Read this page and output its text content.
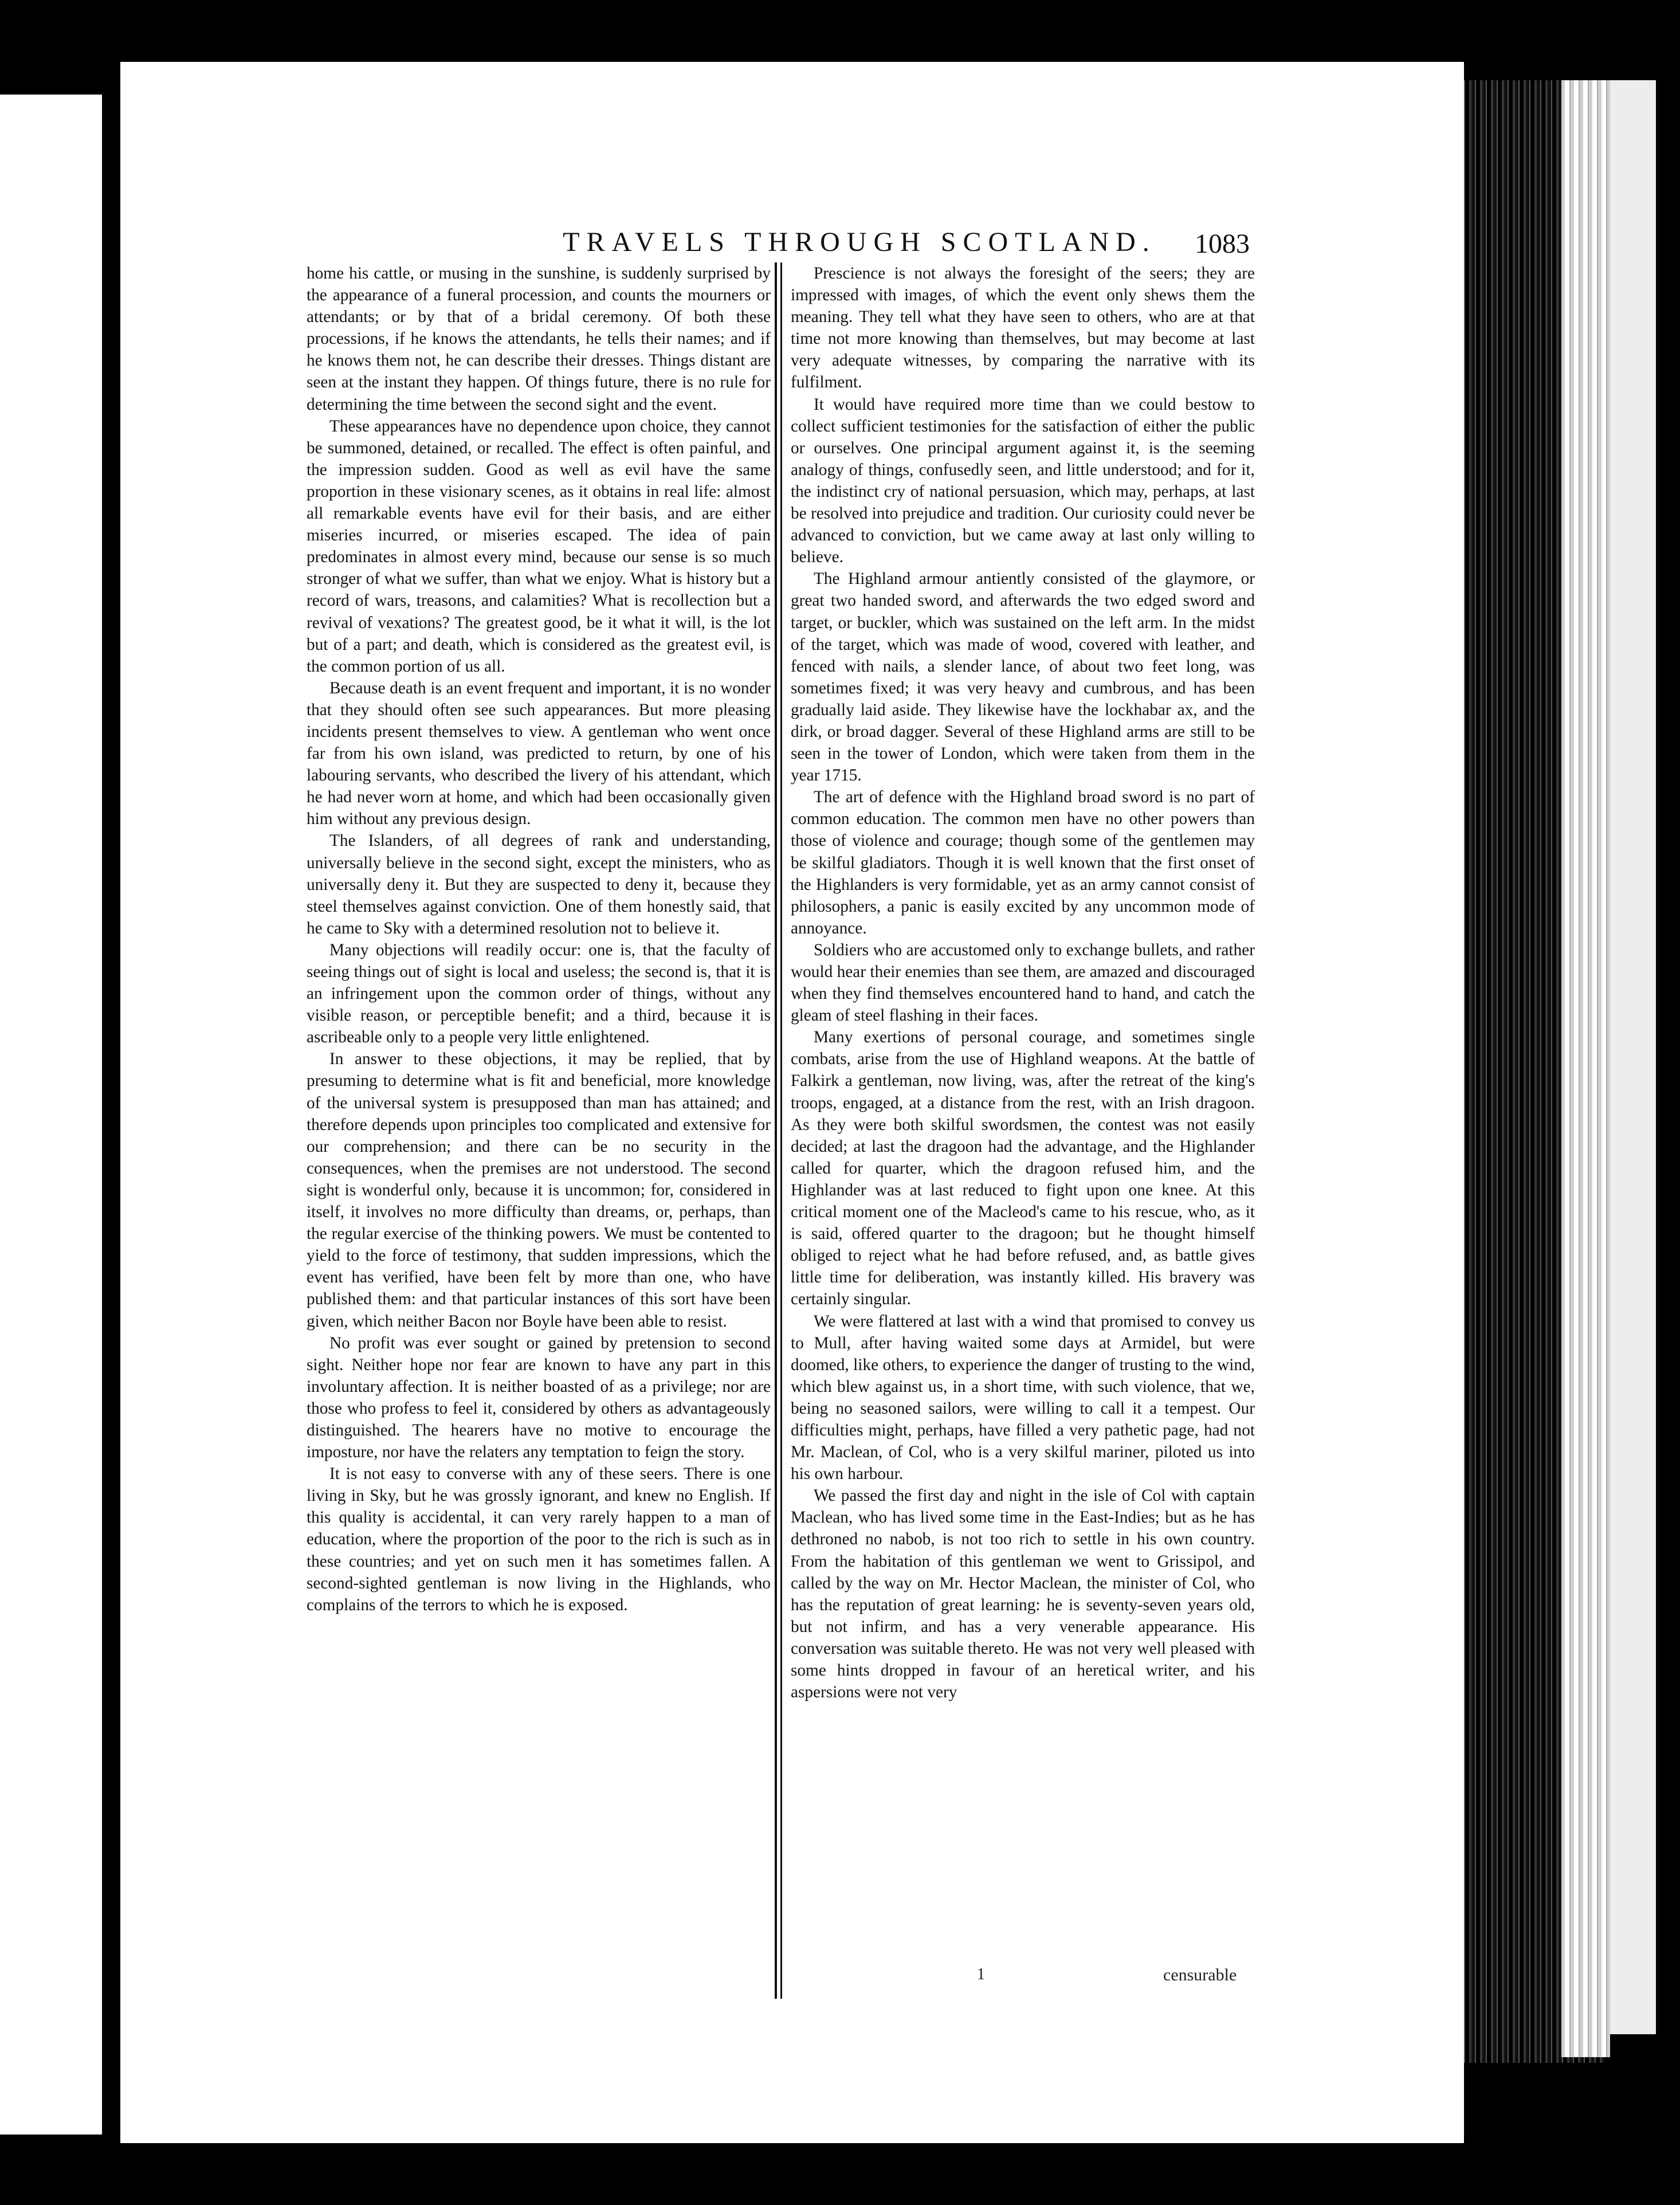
TRAVELS THROUGH SCOTLAND.	1083

home his cattle, or musing in the sunshine, is suddenly surprised by the appearance of a funeral procession, and counts the mourners or attendants; or by that of a bridal ceremony. Of both these processions, if he knows the attendants, he tells their names; and if he knows them not, he can describe their dresses. Things distant are seen at the instant they happen. Of things future, there is no rule for determining the time between the second sight and the event.

These appearances have no dependence upon choice, they cannot be summoned, detained, or recalled. The effect is often painful, and the impression sudden. Good as well as evil have the same proportion in these visionary scenes, as it obtains in real life: almost all remarkable events have evil for their basis, and are either miseries incurred, or miseries escaped. The idea of pain predominates in almost every mind, because our sense is so much stronger of what we suffer, than what we enjoy. What is history but a record of wars, treasons, and calamities? What is recollection but a revival of vexations? The greatest good, be it what it will, is the lot but of a part; and death, which is considered as the greatest evil, is the common portion of us all.

Because death is an event frequent and important, it is no wonder that they should often see such appearances. But more pleasing incidents present themselves to view. A gentleman who went once far from his own island, was predicted to return, by one of his labouring servants, who described the livery of his attendant, which he had never worn at home, and which had been occasionally given him without any previous design.

The Islanders, of all degrees of rank and understanding, universally believe in the second sight, except the ministers, who as universally deny it. But they are suspected to deny it, because they steel themselves against conviction. One of them honestly said, that he came to Sky with a determined resolution not to believe it.

Many objections will readily occur: one is, that the faculty of seeing things out of sight is local and useless; the second is, that it is an infringement upon the common order of things, without any visible reason, or perceptible benefit; and a third, because it is ascribeable only to a people very little enlightened.

In answer to these objections, it may be replied, that by presuming to determine what is fit and beneficial, more knowledge of the universal system is presupposed than man has attained; and therefore depends upon principles too complicated and extensive for our comprehension; and there can be no security in the consequences, when the premises are not understood. The second sight is wonderful only, because it is uncommon; for, considered in itself, it involves no more difficulty than dreams, or, perhaps, than the regular exercise of the thinking powers. We must be contented to yield to the force of testimony, that sudden impressions, which the event has verified, have been felt by more than one, who have published them: and that particular instances of this sort have been given, which neither Bacon nor Boyle have been able to resist.

No profit was ever sought or gained by pretension to second sight. Neither hope nor fear are known to have any part in this involuntary affection. It is neither boasted of as a privilege; nor are those who profess to feel it, considered by others as advantageously distinguished. The hearers have no motive to encourage the imposture, nor have the relaters any temptation to feign the story.

It is not easy to converse with any of these seers. There is one living in Sky, but he was grossly ignorant, and knew no English. If this quality is accidental, it can very rarely happen to a man of education, where the proportion of the poor to the rich is such as in these countries; and yet on such men it has sometimes fallen. A second-sighted gentleman is now living in the Highlands, who complains of the terrors to which he is exposed.

Prescience is not always the foresight of the seers; they are impressed with images, of which the event only shews them the meaning. They tell what they have seen to others, who are at that time not more knowing than themselves, but may become at last very adequate witnesses, by comparing the narrative with its fulfilment.

It would have required more time than we could bestow to collect sufficient testimonies for the satisfaction of either the public or ourselves. One principal argument against it, is the seeming analogy of things, confusedly seen, and little understood; and for it, the indistinct cry of national persuasion, which may, perhaps, at last be resolved into prejudice and tradition. Our curiosity could never be advanced to conviction, but we came away at last only willing to believe.

The Highland armour antiently consisted of the glaymore, or great two handed sword, and afterwards the two edged sword and target, or buckler, which was sustained on the left arm. In the midst of the target, which was made of wood, covered with leather, and fenced with nails, a slender lance, of about two feet long, was sometimes fixed; it was very heavy and cumbrous, and has been gradually laid aside. They likewise have the lockhabar ax, and the dirk, or broad dagger. Several of these Highland arms are still to be seen in the tower of London, which were taken from them in the year 1715.

The art of defence with the Highland broad sword is no part of common education. The common men have no other powers than those of violence and courage; though some of the gentlemen may be skilful gladiators. Though it is well known that the first onset of the Highlanders is very formidable, yet as an army cannot consist of philosophers, a panic is easily excited by any uncommon mode of annoyance.

Soldiers who are accustomed only to exchange bullets, and rather would hear their enemies than see them, are amazed and discouraged when they find themselves encountered hand to hand, and catch the gleam of steel flashing in their faces.

Many exertions of personal courage, and sometimes single combats, arise from the use of Highland weapons. At the battle of Falkirk a gentleman, now living, was, after the retreat of the king's troops, engaged, at a distance from the rest, with an Irish dragoon. As they were both skilful swordsmen, the contest was not easily decided; at last the dragoon had the advantage, and the Highlander called for quarter, which the dragoon refused him, and the Highlander was at last reduced to fight upon one knee. At this critical moment one of the Macleod's came to his rescue, who, as it is said, offered quarter to the dragoon; but he thought himself obliged to reject what he had before refused, and, as battle gives little time for deliberation, was instantly killed. His bravery was certainly singular.

We were flattered at last with a wind that promised to convey us to Mull, after having waited some days at Armidel, but were doomed, like others, to experience the danger of trusting to the wind, which blew against us, in a short time, with such violence, that we, being no seasoned sailors, were willing to call it a tempest. Our difficulties might, perhaps, have filled a very pathetic page, had not Mr. Maclean, of Col, who is a very skilful mariner, piloted us into his own harbour.

We passed the first day and night in the isle of Col with captain Maclean, who has lived some time in the East-Indies; but as he has dethroned no nabob, is not too rich to settle in his own country. From the habitation of this gentleman we went to Grissipol, and called by the way on Mr. Hector Maclean, the minister of Col, who has the reputation of great learning: he is seventy-seven years old, but not infirm, and has a very venerable appearance. His conversation was suitable thereto. He was not very well pleased with some hints dropped in favour of an heretical writer, and his aspersions were not very

1	censurable
